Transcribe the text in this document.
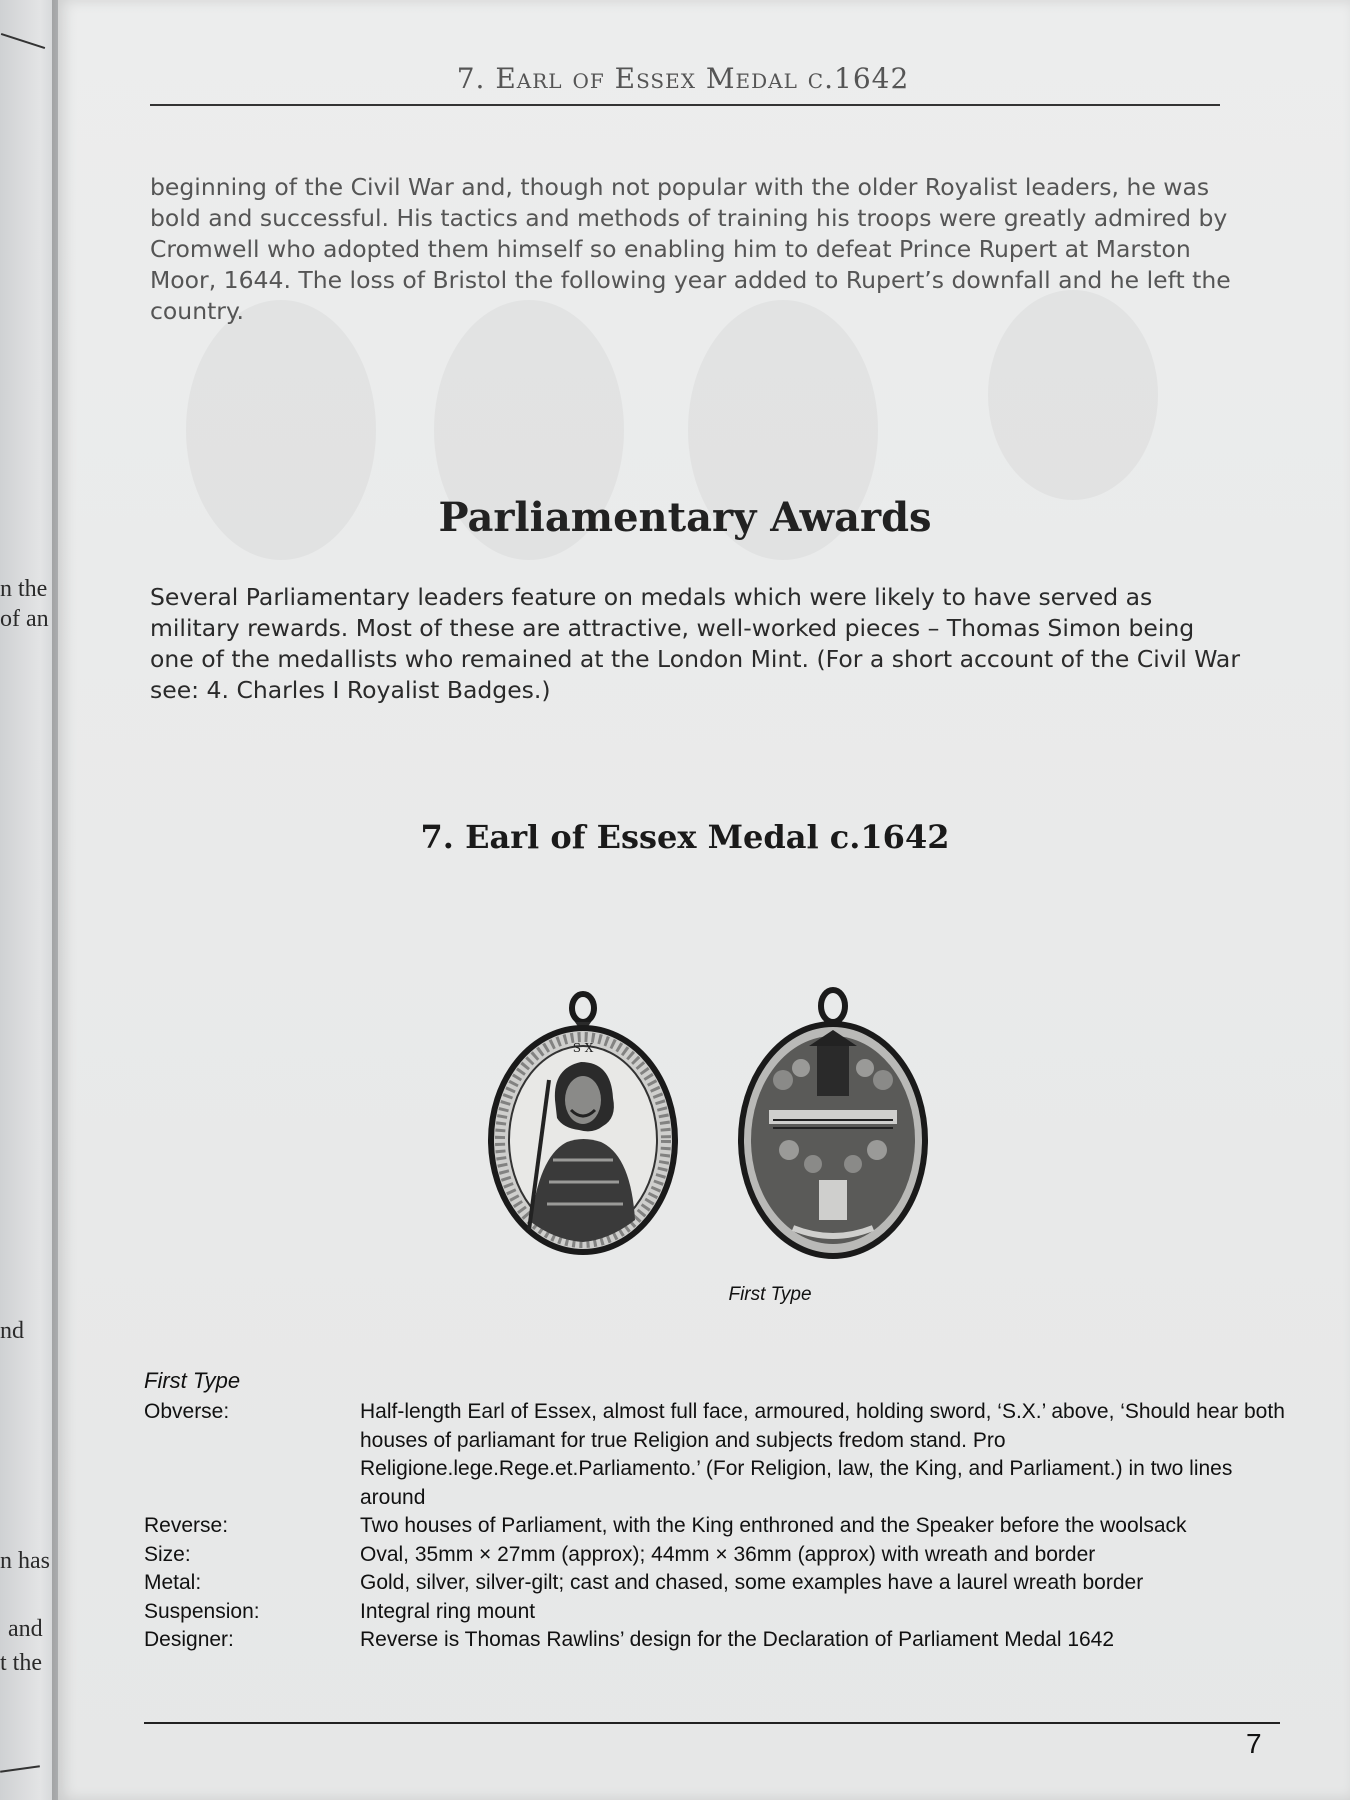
n the
of an
nd
n has
and
t the
7. Earl of Essex Medal c.1642

beginning of the Civil War and, though not popular with the older Royalist leaders, he was bold and successful. His tactics and methods of training his troops were greatly admired by Cromwell who adopted them himself so enabling him to defeat Prince Rupert at Marston Moor, 1644. The loss of Bristol the following year added to Rupert’s downfall and he left the country.

Parliamentary Awards

Several Parliamentary leaders feature on medals which were likely to have served as military rewards. Most of these are attractive, well-worked pieces – Thomas Simon being one of the medallists who remained at the London Mint. (For a short account of the Civil War see: 4. Charles I Royalist Badges.)

7. Earl of Essex Medal c.1642
S X
First Type

First Type

Obverse:	Half-length Earl of Essex, almost full face, armoured, holding sword, ‘S.X.’ above, ‘Should hear both houses of parliamant for true Religion and subjects fredom stand. Pro Religione.lege.Rege.et.Parliamento.’ (For Religion, law, the King, and Parliament.) in two lines around
Reverse:	Two houses of Parliament, with the King enthroned and the Speaker before the woolsack
Size:	Oval, 35mm × 27mm (approx); 44mm × 36mm (approx) with wreath and border
Metal:	Gold, silver, silver-gilt; cast and chased, some examples have a laurel wreath border
Suspension:	Integral ring mount
Designer:	Reverse is Thomas Rawlins’ design for the Declaration of Parliament Medal 1642
7
